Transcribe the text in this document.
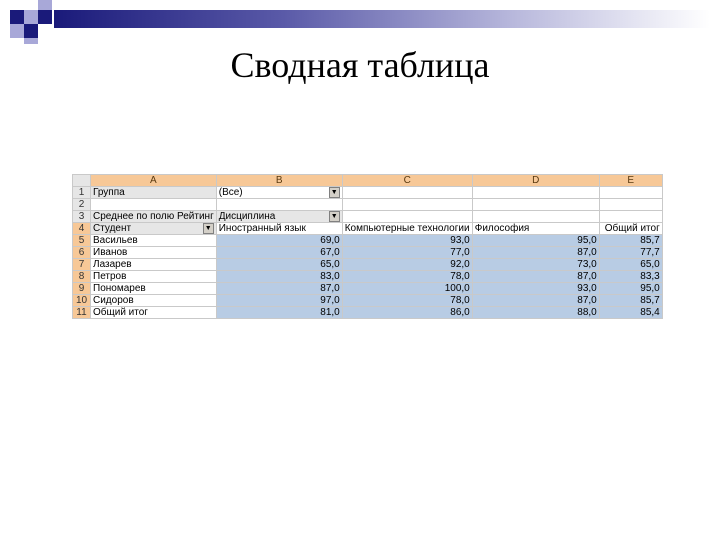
Сводная таблица
	A	B	C	D	E
1	Группа	(Все) ▼			

2					
3	Среднее по полю Рейтинг	Дисциплина ▼			

4	Студент ▼	Иностранный язык	Компьютерные технологии	Философия	Общий итог
5	Васильев	69,0	93,0	95,0	85,7
6	Иванов	67,0	77,0	87,0	77,7
7	Лазарев	65,0	92,0	73,0	65,0
8	Петров	83,0	78,0	87,0	83,3
9	Пономарев	87,0	100,0	93,0	95,0
10	Сидоров	97,0	78,0	87,0	85,7
11	Общий итог	81,0	86,0	88,0	85,4
